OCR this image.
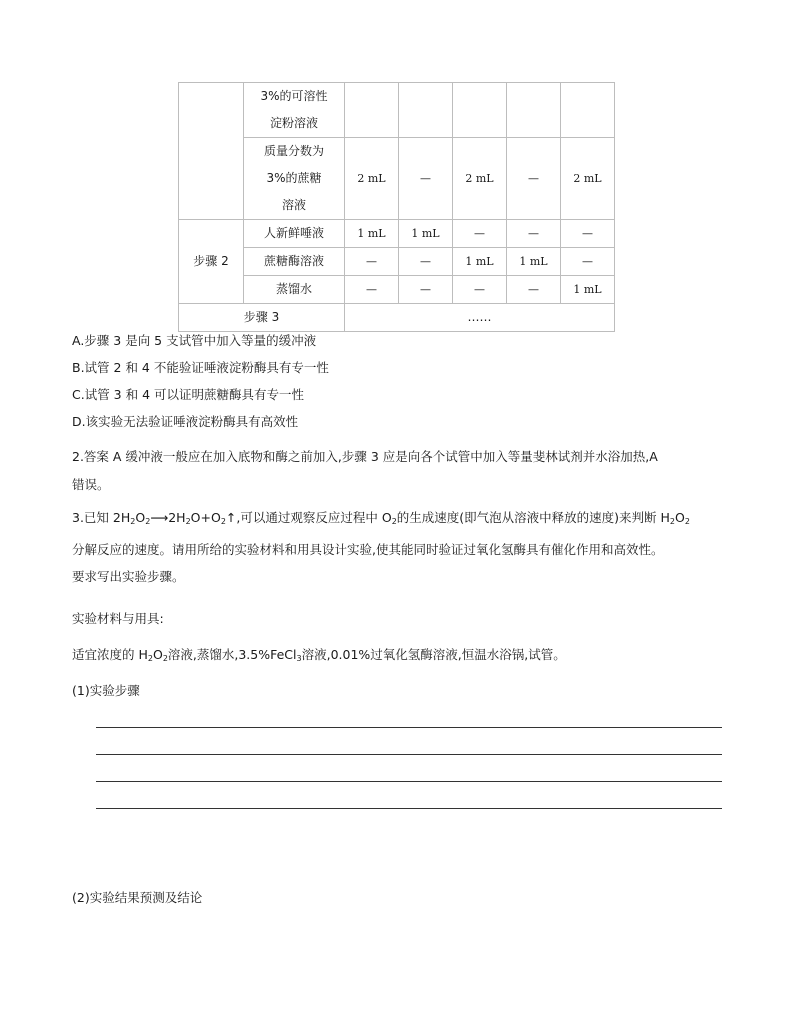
	3%的可溶性
淀粉溶液					

	质量分数为
3%的蔗糖
溶液	2 mL	—	2 mL	—	2 mL
步骤 2	人新鲜唾液	1 mL	1 mL	—	—	—
	蔗糖酶溶液	—	—	1 mL	1 mL	—
	蒸馏水	—	—	—	—	1 mL
步骤 3		……				
A.步骤 3 是向 5 支试管中加入等量的缓冲液
B.试管 2 和 4 不能验证唾液淀粉酶具有专一性
C.试管 3 和 4 可以证明蔗糖酶具有专一性
D.该实验无法验证唾液淀粉酶具有高效性
2.答案 A 缓冲液一般应在加入底物和酶之前加入,步骤 3 应是向各个试管中加入等量斐林试剂并水浴加热,A
错误。
3.已知 $2H_2O_2⟶2H_2O+O_2↑$,可以通过观察反应过程中 $O_2$的生成速度(即气泡从溶液中释放的速度)来判断 $H_2O_2$
分解反应的速度。请用所给的实验材料和用具设计实验,使其能同时验证过氧化氢酶具有催化作用和高效性。
要求写出实验步骤。
实验材料与用具:
适宜浓度的 $H_2O_2$溶液,蒸馏水,3.5%FeCl$_3$溶液,0.01%过氧化氢酶溶液,恒温水浴锅,试管。
(1)实验步骤
(2)实验结果预测及结论
